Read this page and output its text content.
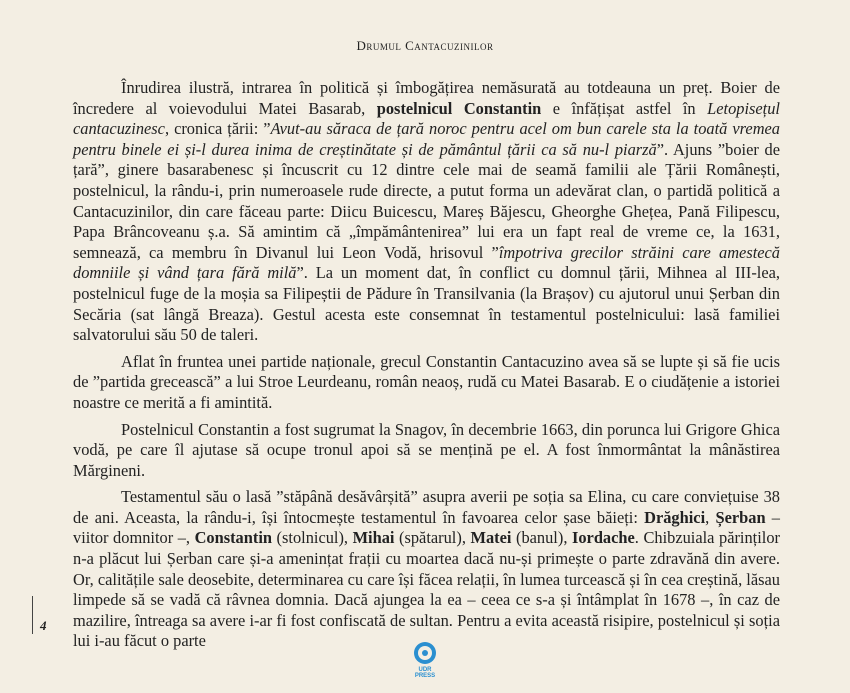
Drumul Cantacuzinilor

Înrudirea ilustră, intrarea în politică și îmbogățirea nemăsurată au totdeauna un preț. Boier de încredere al voievodului Matei Basarab, postelnicul Constantin e înfățișat astfel în Letopisețul cantacuzinesc, cronica țării: ”Avut-au săraca de țară noroc pentru acel om bun carele sta la toată vremea pentru binele ei și-l durea inima de creștinătate și de pământul țării ca să nu-l piarză”. Ajuns ”boier de țară”, ginere basarabenesc și încuscrit cu 12 dintre cele mai de seamă familii ale Țării Românești, postelnicul, la rându-i, prin numeroasele rude directe, a putut forma un adevărat clan, o partidă politică a Cantacuzinilor, din care făceau parte: Diicu Buicescu, Mareș Băjescu, Gheorghe Ghețea, Pană Filipescu, Papa Brâncoveanu ș.a. Să amintim că „împământenirea” lui era un fapt real de vreme ce, la 1631, semnează, ca membru în Divanul lui Leon Vodă, hrisovul ”împotriva grecilor străini care amestecă domniile și vând țara fără milă”. La un moment dat, în conflict cu domnul țării, Mihnea al III-lea, postelnicul fuge de la moșia sa Filipeștii de Pădure în Transilvania (la Brașov) cu ajutorul unui Șerban din Secăria (sat lângă Breaza). Gestul acesta este consemnat în testamentul postelnicului: lasă familiei salvatorului său 50 de taleri.

Aflat în fruntea unei partide naționale, grecul Constantin Cantacuzino avea să se lupte și să fie ucis de ”partida grecească” a lui Stroe Leurdeanu, român neaoș, rudă cu Matei Basarab. E o ciudățenie a istoriei noastre ce merită a fi amintită.

Postelnicul Constantin a fost sugrumat la Snagov, în decembrie 1663, din porunca lui Grigore Ghica vodă, pe care îl ajutase să ocupe tronul apoi să se mențină pe el. A fost înmormântat la mânăstirea Mărgineni.

Testamentul său o lasă ”stăpână desăvârșită” asupra averii pe soția sa Elina, cu care conviețuise 38 de ani. Aceasta, la rându-i, își întocmește testamentul în favoarea celor șase băieți: Drăghici, Șerban – viitor domnitor –, Constantin (stolnicul), Mihai (spătarul), Matei (banul), Iordache. Chibzuiala părinților n-a plăcut lui Șerban care și-a amenințat frații cu moartea dacă nu-și primește o parte zdravănă din avere. Or, calitățile sale deosebite, determinarea cu care își făcea relații, în lumea turcească și în cea creștină, lăsau limpede să se vadă că râvnea domnia. Dacă ajungea la ea – ceea ce s-a și întâmplat în 1678 –, în caz de mazilire, întreaga sa avere i-ar fi fost confiscată de sultan. Pentru a evita această risipire, postelnicul și soția lui i-au făcut o parte

4
UDR PRESS
